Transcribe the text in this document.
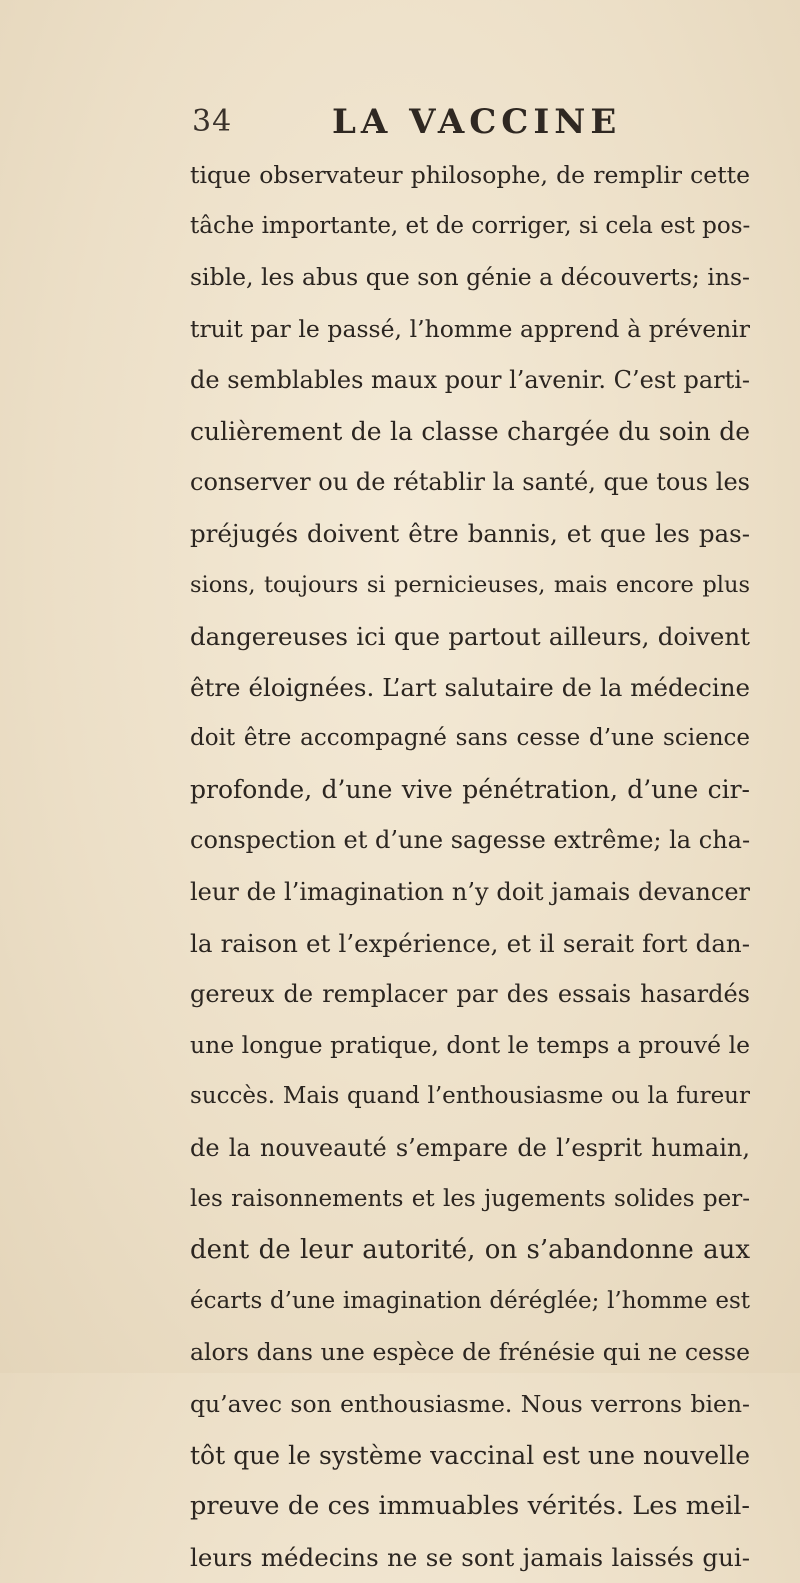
34	LA VACCINE
tique observateur philosophe, de remplir cette
tâche importante, et de corriger, si cela est pos-
sible, les abus que son génie a découverts; ins-
truit par le passé, l’homme apprend à prévenir
de semblables maux pour l’avenir. C’est parti-
culièrement de la classe chargée du soin de
conserver ou de rétablir la santé, que tous les
préjugés doivent être bannis, et que les pas-
sions, toujours si pernicieuses, mais encore plus
dangereuses ici que partout ailleurs, doivent
être éloignées. L’art salutaire de la médecine
doit être accompagné sans cesse d’une science
profonde, d’une vive pénétration, d’une cir-
conspection et d’une sagesse extrême; la cha-
leur de l’imagination n’y doit jamais devancer
la raison et l’expérience, et il serait fort dan-
gereux de remplacer par des essais hasardés
une longue pratique, dont le temps a prouvé le
succès. Mais quand l’enthousiasme ou la fureur
de la nouveauté s’empare de l’esprit humain,
les raisonnements et les jugements solides per-
dent de leur autorité, on s’abandonne aux
écarts d’une imagination déréglée; l’homme est
alors dans une espèce de frénésie qui ne cesse
qu’avec son enthousiasme. Nous verrons bien-
tôt que le système vaccinal est une nouvelle
preuve de ces immuables vérités. Les meil-
leurs médecins ne se sont jamais laissés gui-
